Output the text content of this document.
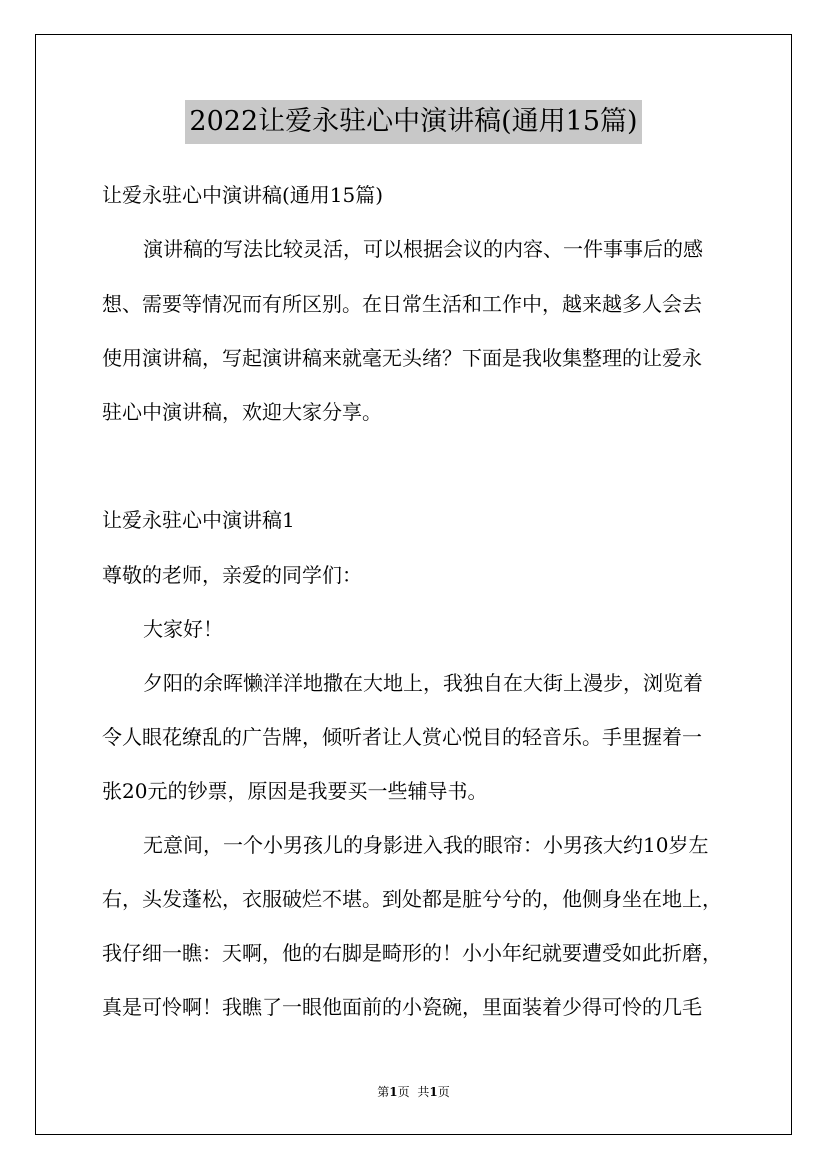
2022让爱永驻心中演讲稿(通用15篇)
让爱永驻心中演讲稿(通用15篇)
演讲稿的写法比较灵活，可以根据会议的内容、一件事事后的感
想、需要等情况而有所区别。在日常生活和工作中，越来越多人会去
使用演讲稿，写起演讲稿来就毫无头绪？下面是我收集整理的让爱永
驻心中演讲稿，欢迎大家分享。
让爱永驻心中演讲稿1
尊敬的老师，亲爱的同学们：
大家好！
夕阳的余晖懒洋洋地撒在大地上，我独自在大街上漫步，浏览着
令人眼花缭乱的广告牌，倾听者让人赏心悦目的轻音乐。手里握着一
张20元的钞票，原因是我要买一些辅导书。
无意间，一个小男孩儿的身影进入我的眼帘：小男孩大约10岁左
右，头发蓬松，衣服破烂不堪。到处都是脏兮兮的，他侧身坐在地上，
我仔细一瞧：天啊，他的右脚是畸形的！小小年纪就要遭受如此折磨，
真是可怜啊！我瞧了一眼他面前的小瓷碗，里面装着少得可怜的几毛
第1页 共1页
